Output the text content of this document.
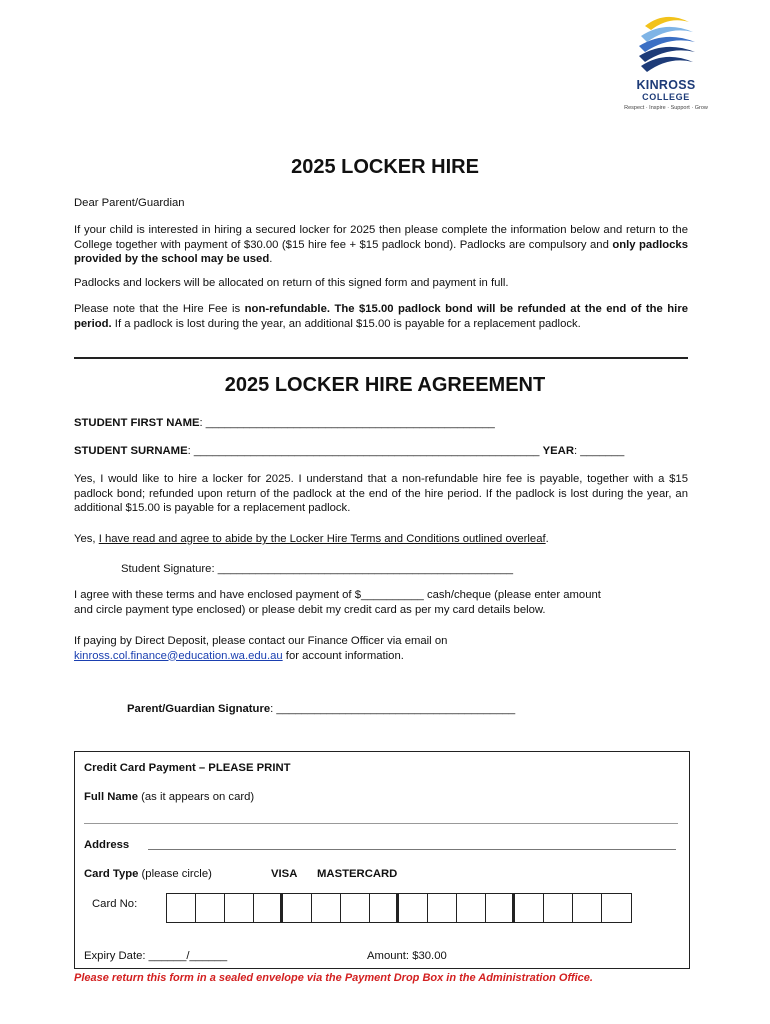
KINROSS
COLLEGE
Respect · Inspire · Support · Grow
2025 LOCKER HIRE

Dear Parent/Guardian

If your child is interested in hiring a secured locker for 2025 then please complete the information below and return to the College together with payment of $30.00 ($15 hire fee + $15 padlock bond). Padlocks are compulsory and only padlocks provided by the school may be used.

Padlocks and lockers will be allocated on return of this signed form and payment in full.

Please note that the Hire Fee is non-refundable. The $15.00 padlock bond will be refunded at the end of the hire period. If a padlock is lost during the year, an additional $15.00 is payable for a replacement padlock.

2025 LOCKER HIRE AGREEMENT
STUDENT FIRST NAME: ______________________________________________
STUDENT SURNAME: _______________________________________________________ YEAR: _______

Yes, I would like to hire a locker for 2025. I understand that a non-refundable hire fee is payable, together with a $15 padlock bond; refunded upon return of the padlock at the end of the hire period. If the padlock is lost during the year, an additional $15.00 is payable for a replacement padlock.

Yes, I have read and agree to abide by the Locker Hire Terms and Conditions outlined overleaf.
Student Signature: _______________________________________________
I agree with these terms and have enclosed payment of $__________ cash/cheque (please enter amount
and circle payment type enclosed) or please debit my credit card as per my card details below.
If paying by Direct Deposit, please contact our Finance Officer via email on
kinross.col.finance@education.wa.edu.au for account information.
Parent/Guardian Signature: ______________________________________
Credit Card Payment – PLEASE PRINT
Full Name (as it appears on card)
Address
Card Type (please circle)	VISA MASTERCARD
Card No:
Expiry Date: ______/______	Amount: $30.00
Please return this form in a sealed envelope via the Payment Drop Box in the Administration Office.
